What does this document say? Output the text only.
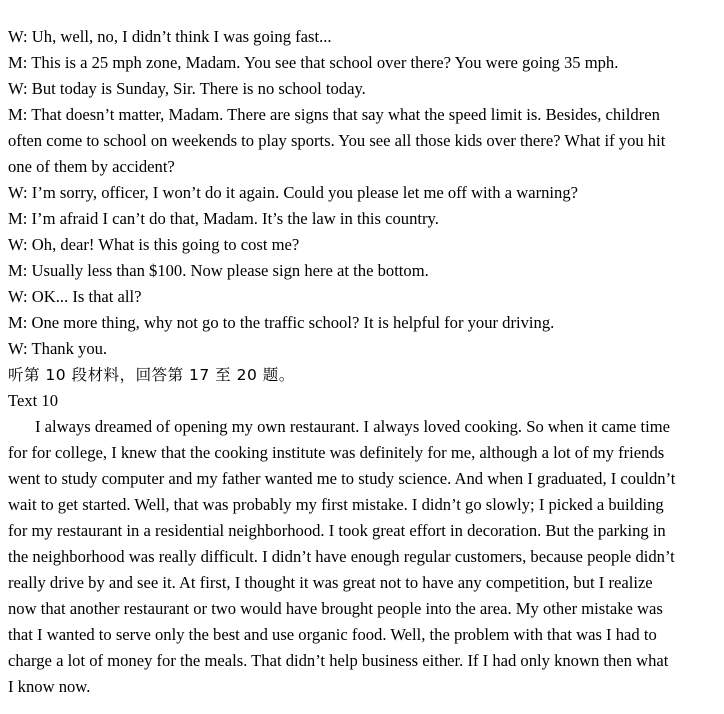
W: Uh, well, no, I didn’t think I was going fast...
M: This is a 25 mph zone, Madam. You see that school over there? You were going 35 mph.
W: But today is Sunday, Sir. There is no school today.
M: That doesn’t matter, Madam. There are signs that say what the speed limit is. Besides, children
often come to school on weekends to play sports. You see all those kids over there? What if you hit
one of them by accident?
W: I’m sorry, officer, I won’t do it again. Could you please let me off with a warning?
M: I’m afraid I can’t do that, Madam. It’s the law in this country.
W: Oh, dear! What is this going to cost me?
M: Usually less than $100. Now please sign here at the bottom.
W: OK... Is that all?
M: One more thing, why not go to the traffic school? It is helpful for your driving.
W: Thank you.
听第 10 段材料，回答第 17 至 20 题。
Text 10
I always dreamed of opening my own restaurant. I always loved cooking. So when it came time
for for college, I knew that the cooking institute was definitely for me, although a lot of my friends
went to study computer and my father wanted me to study science. And when I graduated, I couldn’t
wait to get started. Well, that was probably my first mistake. I didn’t go slowly; I picked a building
for my restaurant in a residential neighborhood. I took great effort in decoration. But the parking in
the neighborhood was really difficult. I didn’t have enough regular customers, because people didn’t
really drive by and see it. At first, I thought it was great not to have any competition, but I realize
now that another restaurant or two would have brought people into the area. My other mistake was
that I wanted to serve only the best and use organic food. Well, the problem with that was I had to
charge a lot of money for the meals. That didn’t help business either. If I had only known then what
I know now.
